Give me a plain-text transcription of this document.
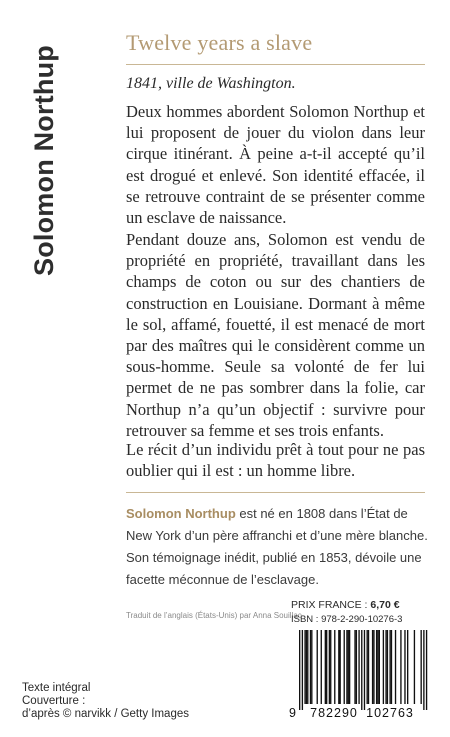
Solomon Northup
Twelve years a slave
1841, ville de Washington.
Deux hommes abordent Solomon Northup et lui proposent de jouer du violon dans leur cirque itinérant. À peine a-t-il accepté qu’il est drogué et enlevé. Son identité effacée, il se retrouve contraint de se présenter comme un esclave de naissance.
Pendant douze ans, Solomon est vendu de propriété en propriété, travaillant dans les champs de coton ou sur des chantiers de construction en Louisiane. Dormant à même le sol, affamé, fouetté, il est menacé de mort par des maîtres qui le considèrent comme un sous-homme. Seule sa volonté de fer lui permet de ne pas sombrer dans la folie, car Northup n’a qu’un objectif : survivre pour retrouver sa femme et ses trois enfants.
Le récit d’un individu prêt à tout pour ne pas oublier qui il est : un homme libre.
Solomon Northup est né en 1808 dans l’État de
New York d’un père affranchi et d’une mère blanche.
Son témoignage inédit, publié en 1853, dévoile une
facette méconnue de l’esclavage.
Traduit de l’anglais (États-Unis) par Anna Souillac
PRIX FRANCE : 6,70 €
ISBN : 978-2-290-10276-3
9 782290 102763
Texte intégral
Couverture :
d’après © narvikk / Getty Images
